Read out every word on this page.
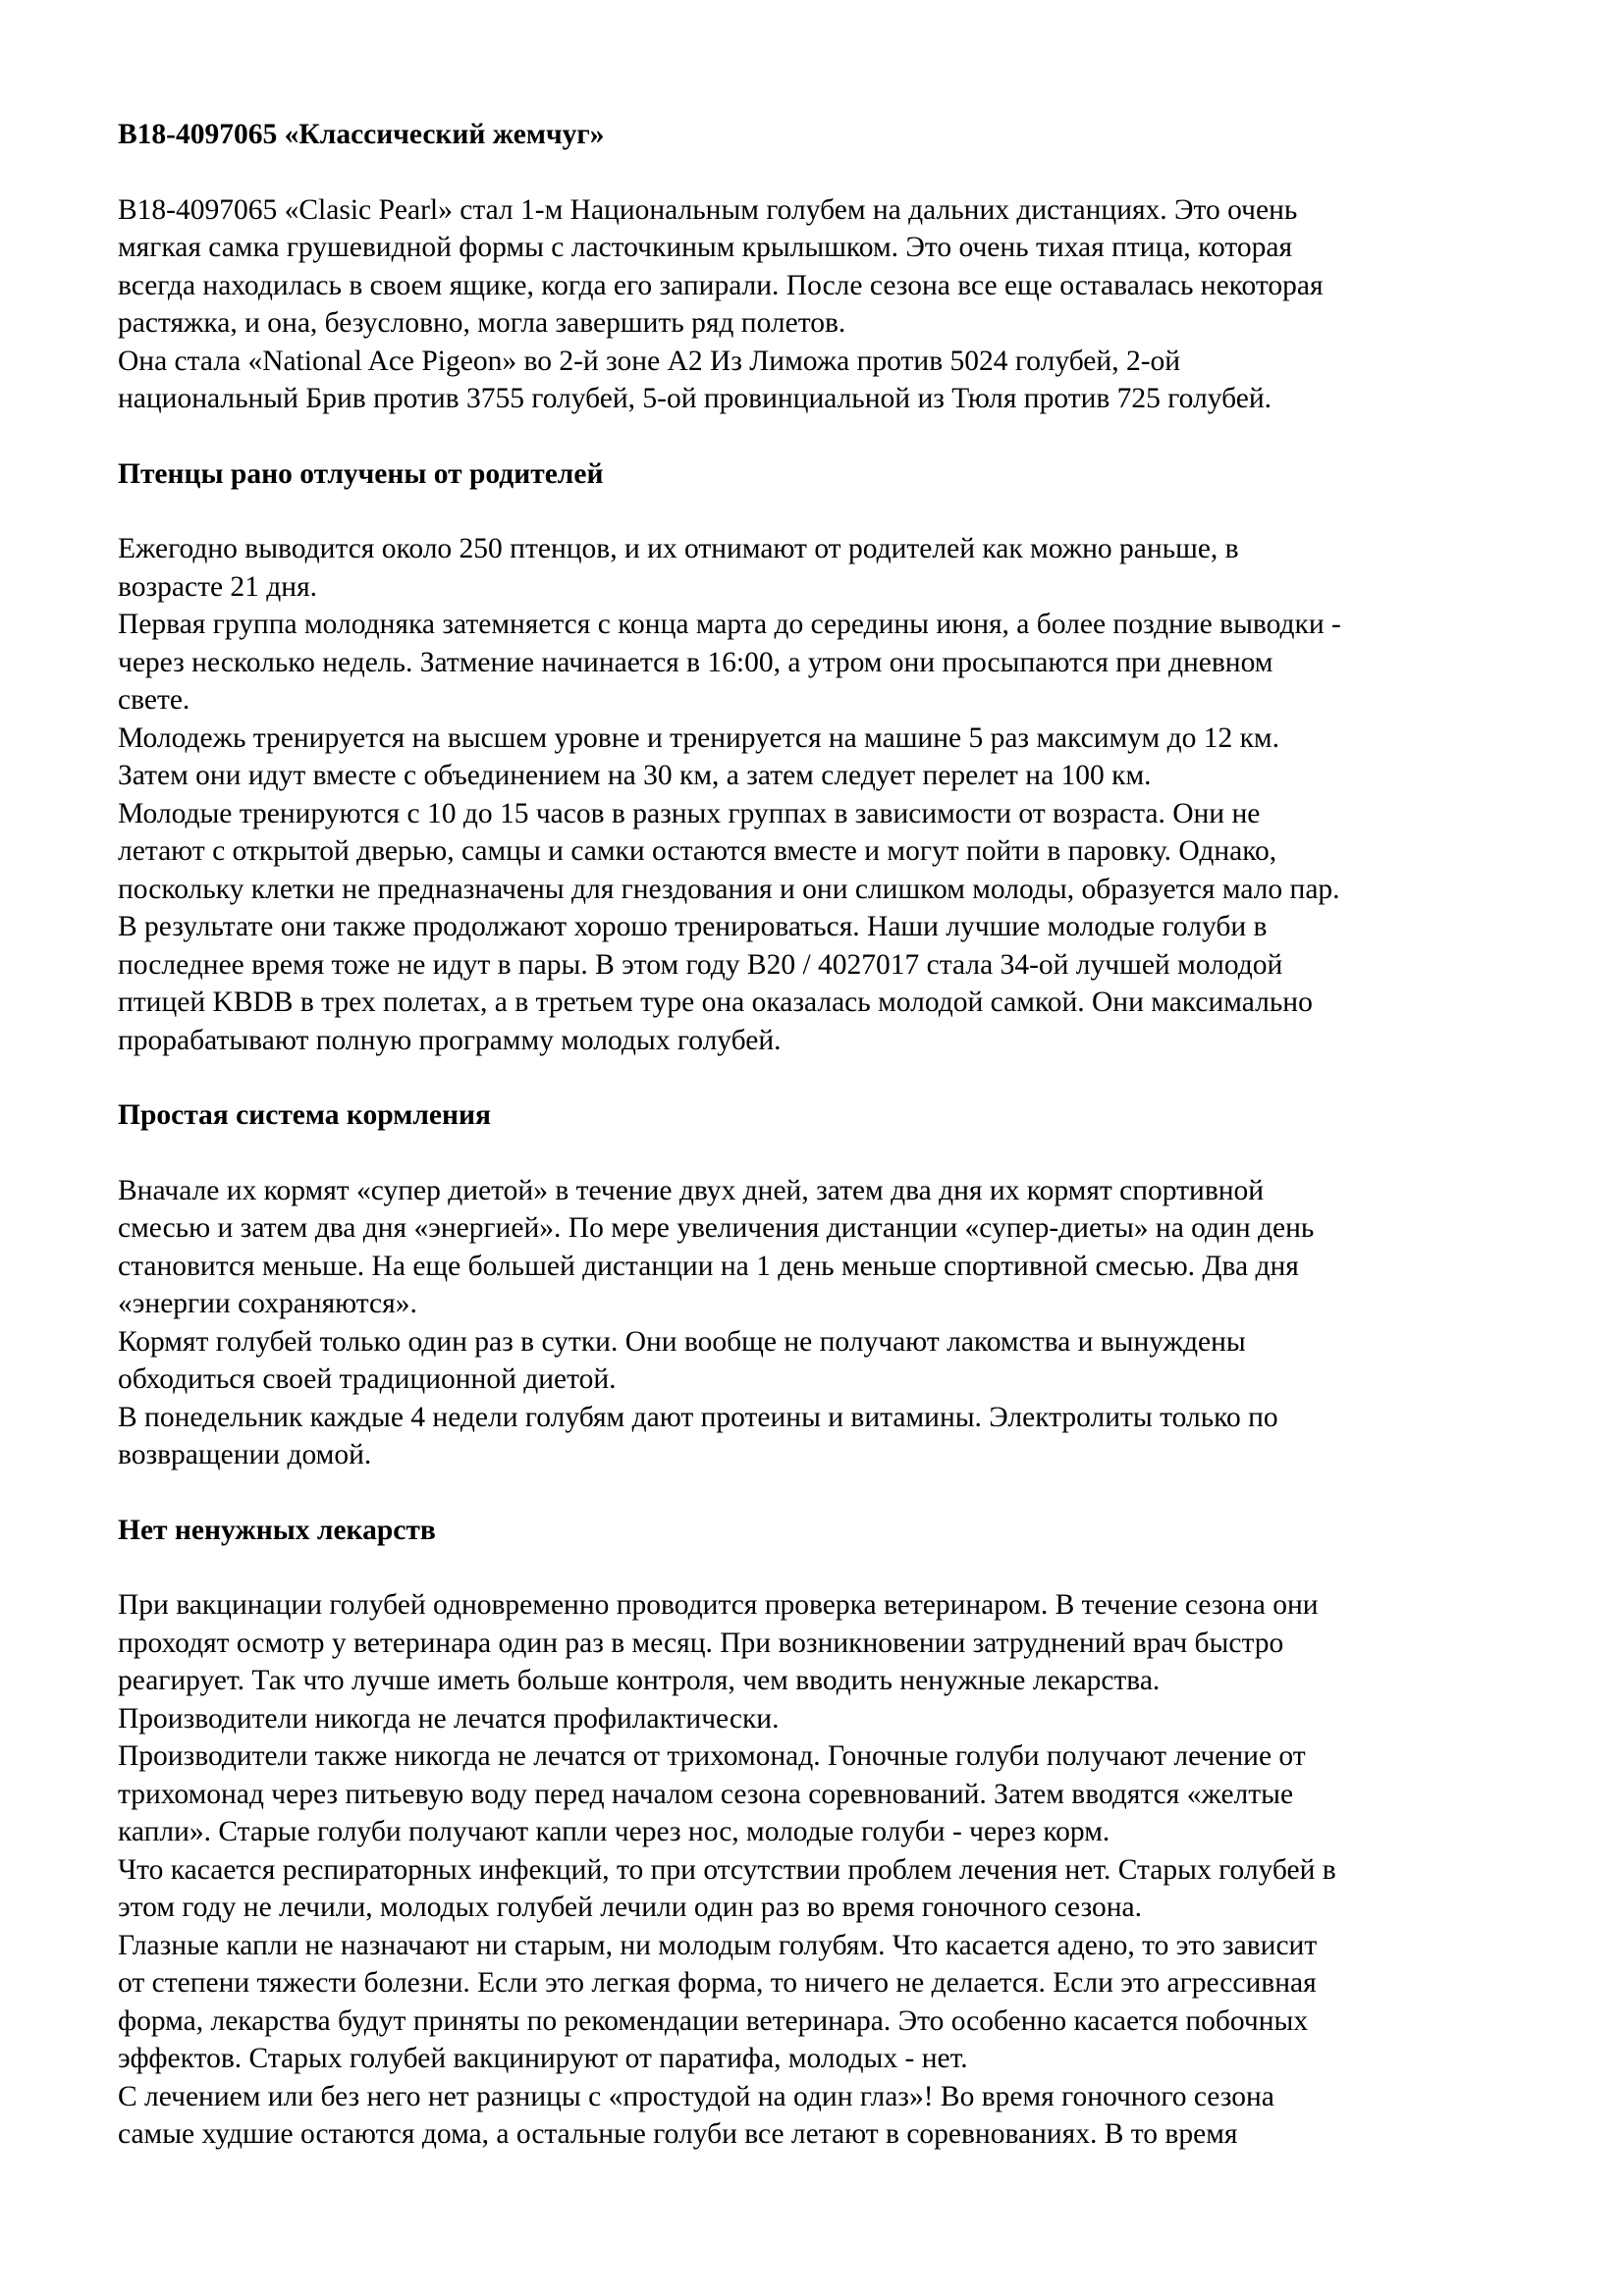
B18-4097065 «Классический жемчуг»
B18-4097065 «Clasic Pearl» стал 1-м Национальным голубем на дальних дистанциях. Это очень
мягкая самка грушевидной формы с ласточкиным крылышком. Это очень тихая птица, которая
всегда находилась в своем ящике, когда его запирали. После сезона все еще оставалась некоторая
растяжка, и она, безусловно, могла завершить ряд полетов.
Она стала «National Ace Pigeon» во 2-й зоне A2 Из Лиможа против 5024 голубей, 2-ой
национальный Брив против 3755 голубей, 5-ой провинциальной из Тюля против 725 голубей.
Птенцы рано отлучены от родителей
Ежегодно выводится около 250 птенцов, и их отнимают от родителей как можно раньше, в
возрасте 21 дня.
Первая группа молодняка затемняется с конца марта до середины июня, а более поздние выводки -
через несколько недель. Затмение начинается в 16:00, а утром они просыпаются при дневном
свете.
Молодежь тренируется на высшем уровне и тренируется на машине 5 раз максимум до 12 км.
Затем они идут вместе с объединением на 30 км, а затем следует перелет на 100 км.
Молодые тренируются с 10 до 15 часов в разных группах в зависимости от возраста. Они не
летают с открытой дверью, самцы и самки остаются вместе и могут пойти в паровку. Однако,
поскольку клетки не предназначены для гнездования и они слишком молоды, образуется мало пар.
В результате они также продолжают хорошо тренироваться. Наши лучшие молодые голуби в
последнее время тоже не идут в пары. В этом году B20 / 4027017 стала 34-ой лучшей молодой
птицей KBDB в трех полетах, а в третьем туре она оказалась молодой самкой. Они максимально
прорабатывают полную программу молодых голубей.
Простая система кормления
Вначале их кормят «супер диетой» в течение двух дней, затем два дня их кормят спортивной
смесью и затем два дня «энергией». По мере увеличения дистанции «супер-диеты» на один день
становится меньше. На еще большей дистанции на 1 день меньше спортивной смесью. Два дня
«энергии сохраняются».
Кормят голубей только один раз в сутки. Они вообще не получают лакомства и вынуждены
обходиться своей традиционной диетой.
В понедельник каждые 4 недели голубям дают протеины и витамины. Электролиты только по
возвращении домой.
Нет ненужных лекарств
При вакцинации голубей одновременно проводится проверка ветеринаром. В течение сезона они
проходят осмотр у ветеринара один раз в месяц. При возникновении затруднений врач быстро
реагирует. Так что лучше иметь больше контроля, чем вводить ненужные лекарства.
Производители никогда не лечатся профилактически.
Производители также никогда не лечатся от трихомонад. Гоночные голуби получают лечение от
трихомонад через питьевую воду перед началом сезона соревнований. Затем вводятся «желтые
капли». Старые голуби получают капли через нос, молодые голуби - через корм.
Что касается респираторных инфекций, то при отсутствии проблем лечения нет. Старых голубей в
этом году не лечили, молодых голубей лечили один раз во время гоночного сезона.
Глазные капли не назначают ни старым, ни молодым голубям. Что касается адено, то это зависит
от степени тяжести болезни. Если это легкая форма, то ничего не делается. Если это агрессивная
форма, лекарства будут приняты по рекомендации ветеринара. Это особенно касается побочных
эффектов. Старых голубей вакцинируют от паратифа, молодых - нет.
С лечением или без него нет разницы с «простудой на один глаз»! Во время гоночного сезона
самые худшие остаются дома, а остальные голуби все летают в соревнованиях. В то время
